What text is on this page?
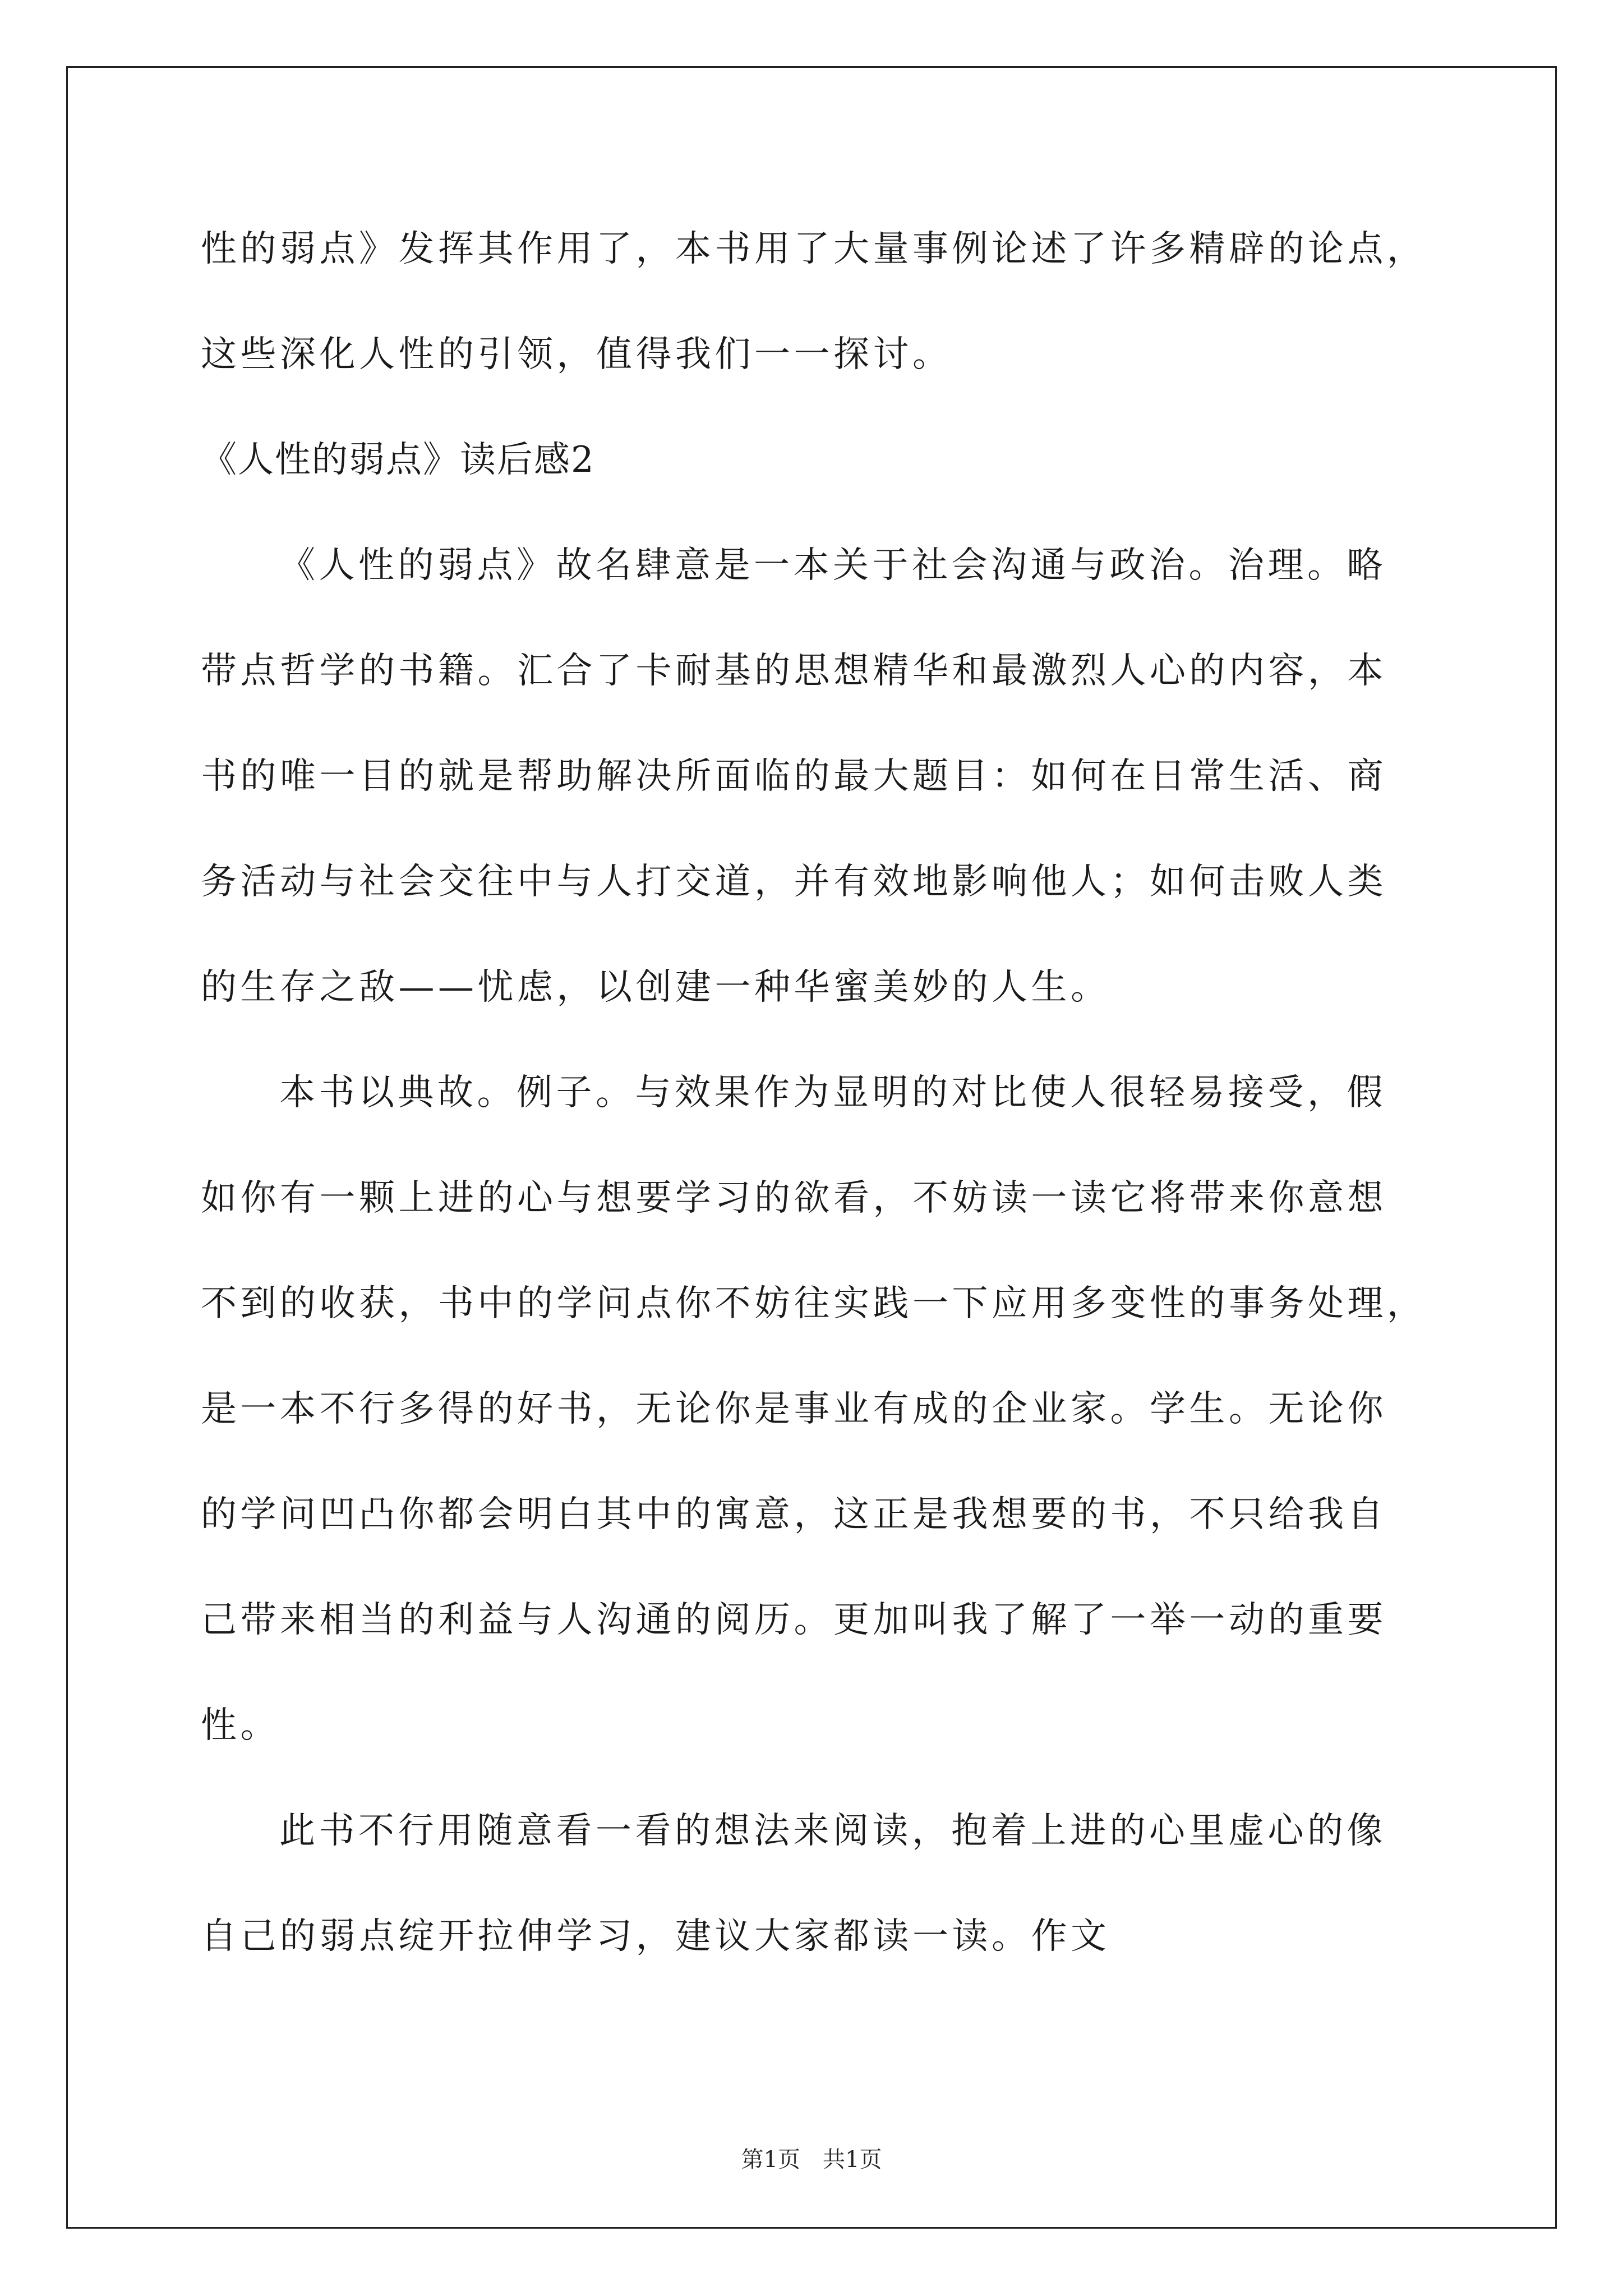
性的弱点》发挥其作用了，本书用了大量事例论述了许多精辟的论点，
这些深化人性的引领，值得我们一一探讨。
《人性的弱点》读后感2
《人性的弱点》故名肆意是一本关于社会沟通与政治。治理。略
带点哲学的书籍。汇合了卡耐基的思想精华和最激烈人心的内容，本
书的唯一目的就是帮助解决所面临的最大题目：如何在日常生活、商
务活动与社会交往中与人打交道，并有效地影响他人；如何击败人类
的生存之敌——忧虑，以创建一种华蜜美妙的人生。
本书以典故。例子。与效果作为显明的对比使人很轻易接受，假
如你有一颗上进的心与想要学习的欲看，不妨读一读它将带来你意想
不到的收获，书中的学问点你不妨往实践一下应用多变性的事务处理，
是一本不行多得的好书，无论你是事业有成的企业家。学生。无论你
的学问凹凸你都会明白其中的寓意，这正是我想要的书，不只给我自
己带来相当的利益与人沟通的阅历。更加叫我了解了一举一动的重要
性。
此书不行用随意看一看的想法来阅读，抱着上进的心里虚心的像
自己的弱点绽开拉伸学习，建议大家都读一读。作文
第1页 共1页
